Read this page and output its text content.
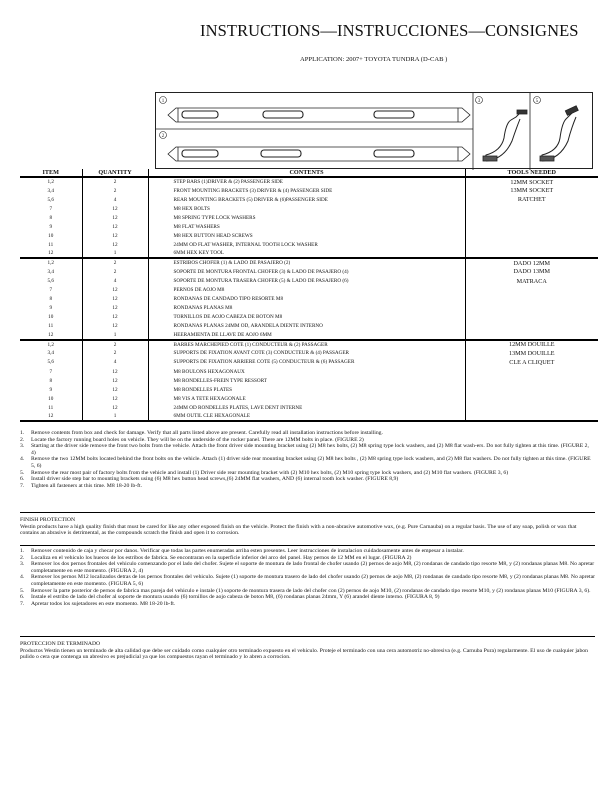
INSTRUCTIONS—INSTRUCCIONES—CONSIGNES
APPLICATION: 2007+ TOYOTA TUNDRA (D-CAB )
1
2
3	5
ITEM	QUANTITY	CONTENTS	TOOLS NEEDED
1,2	2	STEP BARS (1)DRIVER & (2) PASSENGER SIDE	12MM SOCKET
3,4	2	FRONT MOUNTING BRACKETS (3) DRIVER & (4) PASSENGER SIDE	13MM SOCKET
5,6	4	REAR MOUNTING BRACKETS (5) DRIVER & (6)PASSENGER SIDE	RATCHET
7	12	M8 HEX BOLTS	
8	12	M8 SPRING TYPE LOCK WASHERS	
9	12	M8 FLAT WASHERS	
10	12	M8 HEX BUTTON HEAD SCREWS	
11	12	24MM OD FLAT WASHER, INTERNAL TOOTH LOCK WASHER	
12	1	6MM HEX KEY TOOL	
1,2	2	ESTRIBOS CHOFER (1) & LADO DE PASAJERO (2)	DADO 12MM
3,4	2	SOPORTE DE MONTURA FRONTAL CHOFER (3) & LADO DE PASAJERO (4)	DADO 13MM
5,6	4	SOPORTE DE MONTURA TRASERA CHOFER (5) & LADO DE PASAJERO (6)	MATRACA
7	12	PERNOS DE AOJO M8	
8	12	RONDANAS DE CANDADO TIPO RESORTE M8	
9	12	RONDANAS PLANAS M8	
10	12	TORNILLOS DE AOJO CABEZA DE BOTON M8	
11	12	RONDANAS PLANAS 24MM OD, ARANDELA DIENTE INTERNO	
12	1	HEERAMIENTA DE LLAVE DE AOJO 6MM	
1,2	2	BARRES MARCHEPIED COTE (1) CONDUCTEUR & (2) PASSAGER	12MM DOUILLE
3,4	2	SUPPORTS DE FIXATION AVANT COTE (3) CONDUCTEUR & (4) PASSAGER	13MM DOUILLE
5,6	4	SUPPORTS DE FIXATION ARRIERE COTE (5) CONDUCTEUR & (6) PASSAGER	CLE A CLIQUET
7	12	M8 BOULONS HEXAGONAUX	
8	12	M8 RONDELLES-FREIN TYPE RESSORT	
9	12	M8 RONDELLES PLATES	
10	12	M8 VIS A TETE HEXAGONALE	
11	12	24MM OD RONDELLES PLATES, LAVE DENT INTERNE	
12	1	6MM OUTIL CLE HEXAGONALE	
1. Remove contents from box and check for damage. Verify that all parts listed above are present. Carefully read all installation instructions before installing.
2. Locate the factory running board holes on vehicle. They will be on the underside of the rocker panel. There are 12MM bolts in place. (FIGURE 2)
3. Starting at the driver side remove the front two bolts from the vehicle. Attach the front driver side mounting bracket using (2) M8 hex bolts, (2) M8 spring type lock washers, and (2) M8 flat wash-ers. Do not fully tighten at this time. (FIGURE 2, 4)
4. Remove the two 12MM bolts located behind the front bolts on the vehicle. Attach (1) driver side rear mounting bracket using (2) M8 hex bolts , (2) M8 spring type lock washers, and (2) M8 flat washers. Do not fully tighten at this time. (FIGURE 5, 6)
5. Remove the rear most pair of factory bolts from the vehicle and install (1) Driver side rear mounting bracket with (2) M10 hex bolts, (2) M10 spring type lock washers, and (2) M10 flat washers. (FIGURE 3, 6)
6. Install driver side step bar to mounting brackets using (6) M8 hex button head screws,(6) 24MM flat washers, AND (6) internal tooth lock washer. (FIGURE 8,9)
7. Tighten all fasteners at this time. M8 18-20 lb-ft.
FINISH PROTECTION
Westin products have a high quality finish that must be cared for like any other exposed finish on the vehicle. Protect the finish with a non-abrasive automotive wax, (e.g. Pure Carnauba) on a regular basis. The use of any soap, polish or wax that contains an abrasive is detrimental, as the compounds scratch the finish and open it to corrosion.
1. Remover contenido de caja y checar por danos. Verificar que todas las partes enumeradas arriba esten presentes. Leer instrucciones de instalacion cuidadosamente antes de empesar a instalar.
2. Localiza en el vehiculo los huecos de los estribos de fabrica. Se encontraran en la superficie inferior del arco del panel. Hay pernos de 12 MM en el lugar. (FIGURA 2)
3. Remover los dos pernos frontales del vehiculo comenzando por el lado del chofer. Sujete el soporte de montura de lado frontal de chofer usando (2) pernos de aojo M8, (2) rondanas de candado tipo resorte M8, y (2) rondanas planas M8. No apretar completamente en este momento. (FIGURA 2, 4)
4. Remover los pernos M12 localizados detras de los pernos frontales del vehiculo. Sujete (1) soporte de montura trasero de lado del chofer usando (2) pernos de aojo M8, (2) rondanas de candado tipo resorte M8, y (2) rondanas planas M8. No apretar completamente en este momento. (FIGURA 5, 6)
5. Remover la parte posterior de pernos de fabrica mas pareja del vehiculo e instale (1) soporte de montura trasera de lado del chofer con (2) pernos de aojo M10, (2) rondanas de candado tipo resorte M10, y (2) rondanas planas M10 (FIGURA 3, 6).
6. Instale el estribo de lado del chofer al soporte de montura usando (6) tornillos de aojo cabeza de boton M8, (6) rondanas planas 24mm, Y (6) arandel diente interno. (FIGURA 8, 9)
7. Apretar todos los sujetadores en este momento. M8 18-20 lb-ft.
PROTECCION DE TERMINADO
Productos Westin tienen un terminado de alta calidad que debe ser cuidado como cualquier otro terminado expuesto en el vehiculo. Proteje el terminado con una cera automotriz no-abresiva (e.g. Carnuba Pura) regularmente. El uso de cualquier jabon pulido o cera que contenga un abresivo es prejudicial ya que los compuestos rayan el terminado y lo abren a corrocion.
